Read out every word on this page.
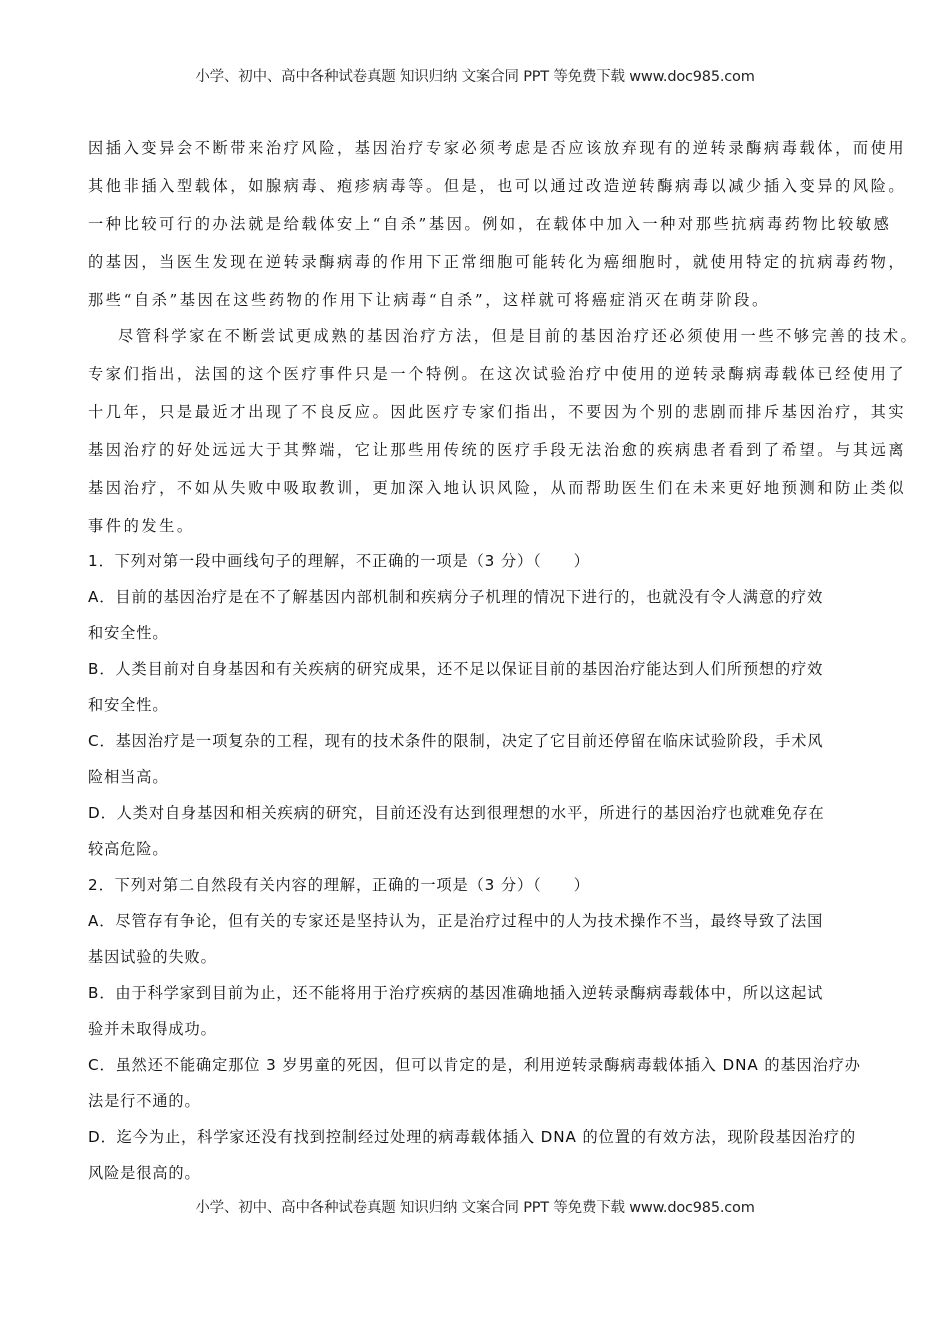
小学、初中、高中各种试卷真题 知识归纳 文案合同 PPT 等免费下载 www.doc985.com
因插入变异会不断带来治疗风险，基因治疗专家必须考虑是否应该放弃现有的逆转录酶病毒载体，而使用
其他非插入型载体，如腺病毒、疱疹病毒等。但是，也可以通过改造逆转酶病毒以减少插入变异的风险。
一种比较可行的办法就是给载体安上“自杀”基因。例如，在载体中加入一种对那些抗病毒药物比较敏感
的基因，当医生发现在逆转录酶病毒的作用下正常细胞可能转化为癌细胞时，就使用特定的抗病毒药物，
那些“自杀”基因在这些药物的作用下让病毒“自杀”，这样就可将癌症消灭在萌芽阶段。
尽管科学家在不断尝试更成熟的基因治疗方法，但是目前的基因治疗还必须使用一些不够完善的技术。
专家们指出，法国的这个医疗事件只是一个特例。在这次试验治疗中使用的逆转录酶病毒载体已经使用了
十几年，只是最近才出现了不良反应。因此医疗专家们指出，不要因为个别的悲剧而排斥基因治疗，其实
基因治疗的好处远远大于其弊端，它让那些用传统的医疗手段无法治愈的疾病患者看到了希望。与其远离
基因治疗，不如从失败中吸取教训，更加深入地认识风险，从而帮助医生们在未来更好地预测和防止类似
事件的发生。
1．下列对第一段中画线句子的理解，不正确的一项是（3 分）（　　）
A．目前的基因治疗是在不了解基因内部机制和疾病分子机理的情况下进行的，也就没有令人满意的疗效
和安全性。
B．人类目前对自身基因和有关疾病的研究成果，还不足以保证目前的基因治疗能达到人们所预想的疗效
和安全性。
C．基因治疗是一项复杂的工程，现有的技术条件的限制，决定了它目前还停留在临床试验阶段，手术风
险相当高。
D．人类对自身基因和相关疾病的研究，目前还没有达到很理想的水平，所进行的基因治疗也就难免存在
较高危险。
2．下列对第二自然段有关内容的理解，正确的一项是（3 分）（　　）
A．尽管存有争论，但有关的专家还是坚持认为，正是治疗过程中的人为技术操作不当，最终导致了法国
基因试验的失败。
B．由于科学家到目前为止，还不能将用于治疗疾病的基因准确地插入逆转录酶病毒载体中，所以这起试
验并未取得成功。
C．虽然还不能确定那位 3 岁男童的死因，但可以肯定的是，利用逆转录酶病毒载体插入 DNA 的基因治疗办
法是行不通的。
D．迄今为止，科学家还没有找到控制经过处理的病毒载体插入 DNA 的位置的有效方法，现阶段基因治疗的
风险是很高的。
小学、初中、高中各种试卷真题 知识归纳 文案合同 PPT 等免费下载 www.doc985.com
